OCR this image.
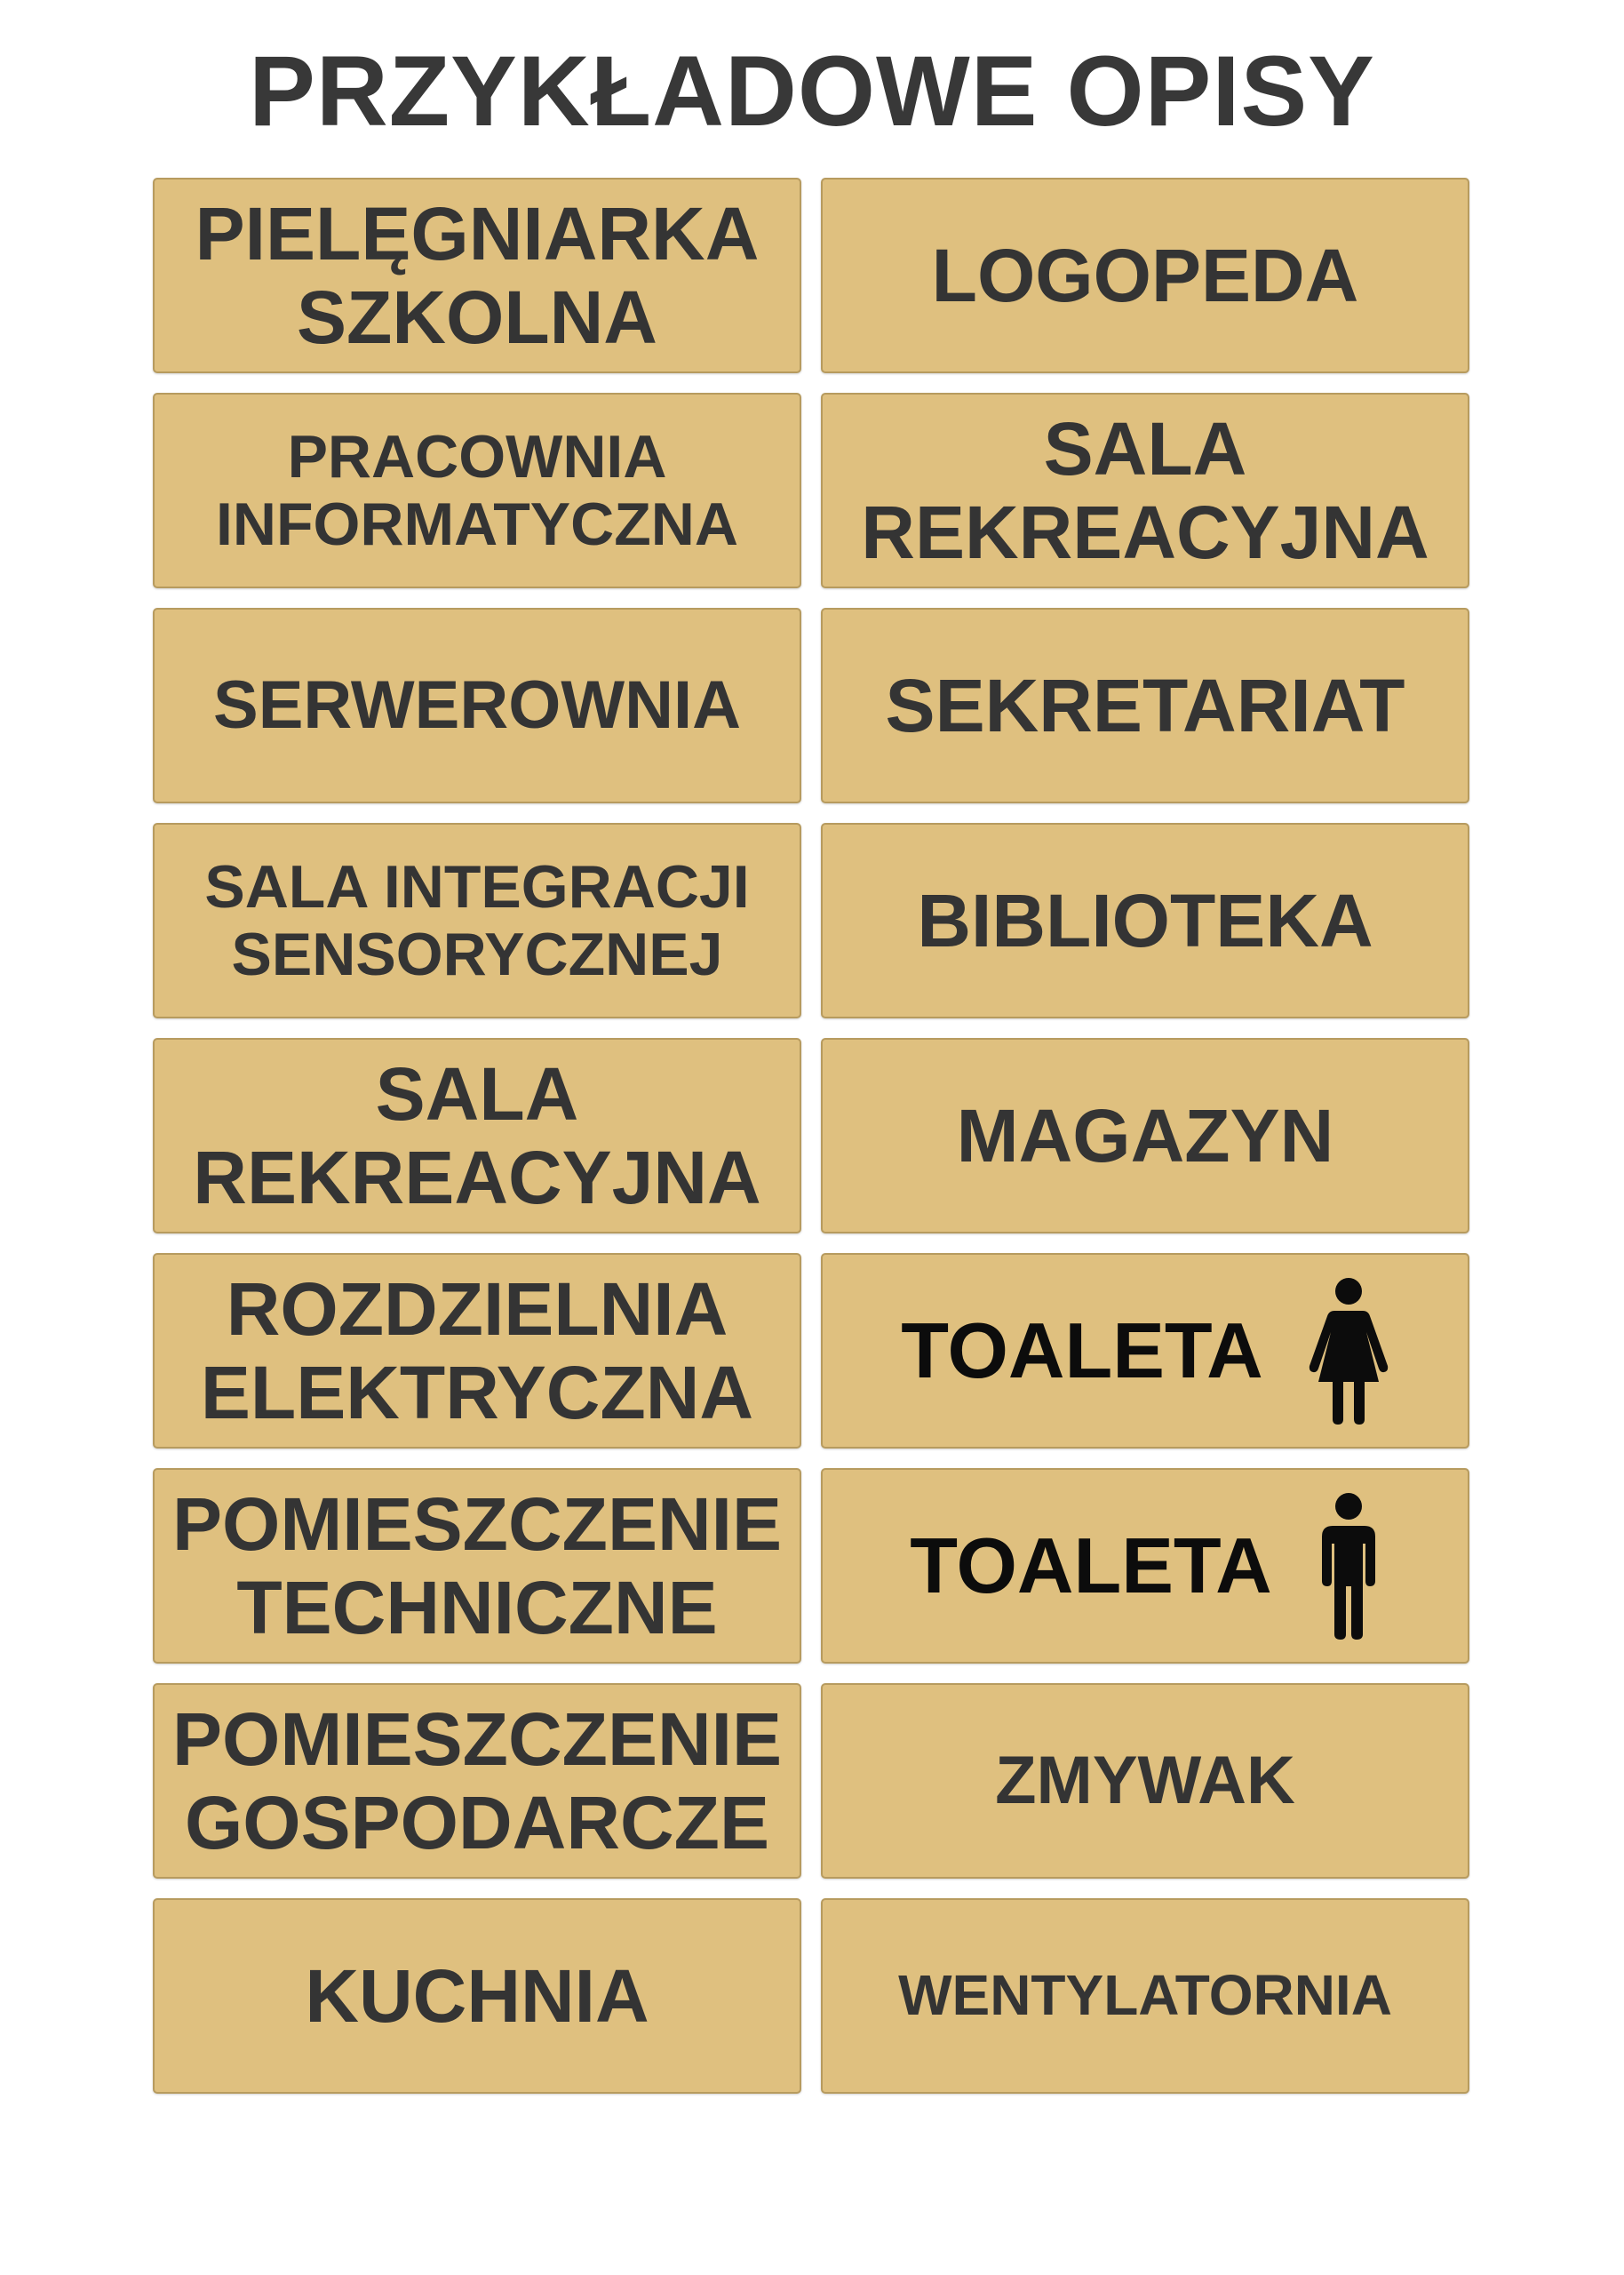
PRZYKŁADOWE OPISY
PIELĘGNIARKA
SZKOLNA
LOGOPEDA
PRACOWNIA
INFORMATYCZNA
SALA
REKREACYJNA
SERWEROWNIA SEKRETARIAT
SALA INTEGRACJI
SENSORYCZNEJ	BIBLIOTEKA
SALA
REKREACYJNA
MAGAZYN
ROZDZIELNIA
ELEKTRYCZNA TOALETA
POMIESZCZENIE
TECHNICZNE	TOALETA
POMIESZCZENIE
GOSPODARCZE
ZMYWAK
KUCHNIA	WENTYLATORNIA
